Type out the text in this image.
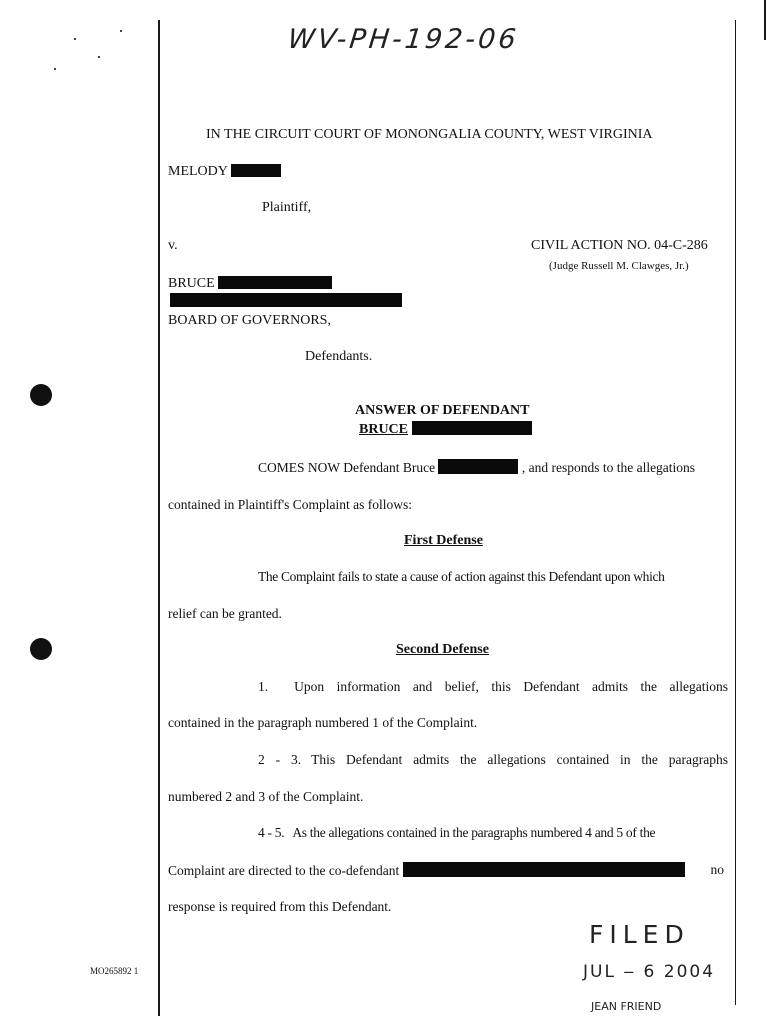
WV-PH-192-06
IN THE CIRCUIT COURT OF MONONGALIA COUNTY, WEST VIRGINIA
MELODY
Plaintiff,
v.	CIVIL ACTION NO. 04-C-286
(Judge Russell M. Clawges, Jr.)
BRUCE
BOARD OF GOVERNORS,
Defendants.
ANSWER OF DEFENDANT
BRUCE
COMES NOW Defendant Bruce	, and responds to the allegations
contained in Plaintiff's Complaint as follows:
First Defense
The Complaint fails to state a cause of action against this Defendant upon which
relief can be granted.
Second Defense
1. Upon information and belief, this Defendant admits the allegations
contained in the paragraph numbered 1 of the Complaint.
2 - 3. This Defendant admits the allegations contained in the paragraphs
numbered 2 and 3 of the Complaint.
4 - 5. As the allegations contained in the paragraphs numbered 4 and 5 of the
Complaint are directed to the co-defendant	no
response is required from this Defendant.
FILED
JUL ‒ 6 2004
JEAN FRIEND
MO265892 1
